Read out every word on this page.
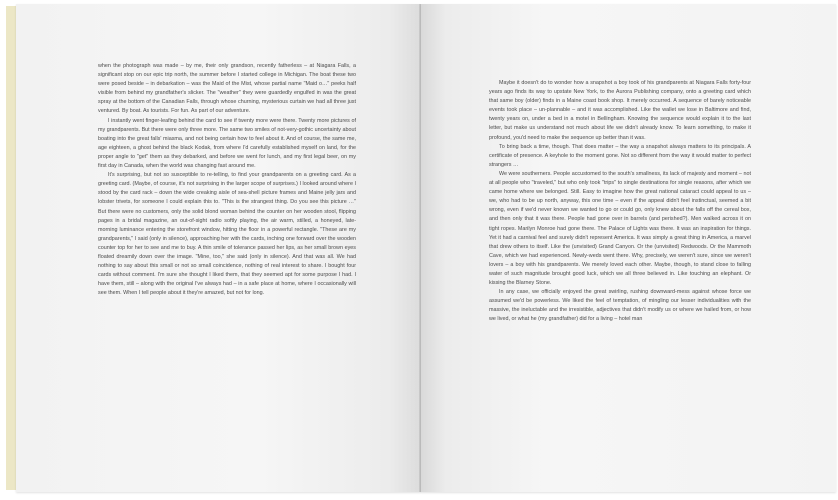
when the photograph was made – by me, their only grandson, recently fatherless – at Niagara Falls, a significant stop on our epic trip north, the summer before I started college in Michigan. The boat these two were posed beside – in debarkation – was the Maid of the Mist, whose partial name "Maid o…" peeks half visible from behind my grandfather's slicker. The "weather" they were guardedly engulfed in was the great spray at the bottom of the Canadian Falls, through whose churning, mysterious curtain we had all three just ventured. By boat. As tourists. For fun. As part of our adventure.

I instantly went finger-leafing behind the card to see if twenty more were there. Twenty more pictures of my grandparents. But there were only three more. The same two smiles of not-very-gothic uncertainty about boating into the great falls' miasma, and not being certain how to feel about it. And of course, the same me, age eighteen, a ghost behind the black Kodak, from where I'd carefully established myself on land, for the proper angle to "get" them as they debarked, and before we went for lunch, and my first legal beer, on my first day in Canada, when the world was changing fast around me.

It's surprising, but not so susceptible to re-telling, to find your grandparents on a greeting card. As a greeting card. (Maybe, of course, it's not surprising in the larger scope of surprises.) I looked around where I stood by the card rack – down the wide creaking aisle of sea-shell picture frames and Maine jelly jars and lobster trivets, for someone I could explain this to. "This is the strangest thing. Do you see this picture …" But there were no customers, only the solid blond woman behind the counter on her wooden stool, flipping pages in a bridal magazine, an out-of-sight radio softly playing, the air warm, stilled, a honeyed, late-morning luminance entering the storefront window, hitting the floor in a powerful rectangle. "These are my grandparents," I said (only in silence), approaching her with the cards, inching one forward over the wooden counter top for her to see and me to buy. A thin smile of tolerance passed her lips, as her small brown eyes floated dreamily down over the image. "Mine, too," she said (only in silence). And that was all. We had nothing to say about this small or not so small coincidence, nothing of real interest to share. I bought four cards without comment. I'm sure she thought I liked them, that they seemed apt for some purpose I had. I have them, still – along with the original I've always had – in a safe place at home, where I occasionally will see them. When I tell people about it they're amazed, but not for long.

Maybe it doesn't do to wonder how a snapshot a boy took of his grandparents at Niagara Falls forty-four years ago finds its way to upstate New York, to the Aurora Publishing company, onto a greeting card which that same boy (older) finds in a Maine coast book shop. It merely occurred. A sequence of barely noticeable events took place – un-plannable – and it was accomplished. Like the wallet we lose in Baltimore and find, twenty years on, under a bed in a motel in Bellingham. Knowing the sequence would explain it to the last letter, but make us understand not much about life we didn't already know. To learn something, to make it profound, you'd need to make the sequence up better than it was.

To bring back a time, though. That does matter – the way a snapshot always matters to its principals. A certificate of presence. A keyhole to the moment gone. Not so different from the way it would matter to perfect strangers …

We were southerners. People accustomed to the south's smallness, its lack of majesty and moment – not at all people who "traveled," but who only took "trips" to single destinations for single reasons, after which we came home where we belonged. Still. Easy to imagine how the great national cataract could appeal to us – we, who had to be up north, anyway, this one time – even if the appeal didn't feel instinctual, seemed a bit wrong, even if we'd never known we wanted to go or could go, only knew about the falls off the cereal box, and then only that it was there. People had gone over in barrels (and perished?). Men walked across it on tight ropes. Marilyn Monroe had gone there. The Palace of Lights was there. It was an inspiration for things. Yet it had a carnival feel and surely didn't represent America. It was simply a great thing in America, a marvel that drew others to itself. Like the (unvisited) Grand Canyon. Or the (unvisited) Redwoods. Or the Mammoth Cave, which we had experienced. Newly-weds went there. Why, precisely, we weren't sure, since we weren't lovers – a boy with his grandparents. We merely loved each other. Maybe, though, to stand close to falling water of such magnitude brought good luck, which we all three believed in. Like touching an elephant. Or kissing the Blarney Stone.

In any case, we officially enjoyed the great swirling, rushing downward-mess against whose force we assumed we'd be powerless. We liked the feel of temptation, of mingling our lesser individualities with the massive, the ineluctable and the irresistible, adjectives that didn't modify us or where we hailed from, or how we lived, or what he (my grandfather) did for a living – hotel man
